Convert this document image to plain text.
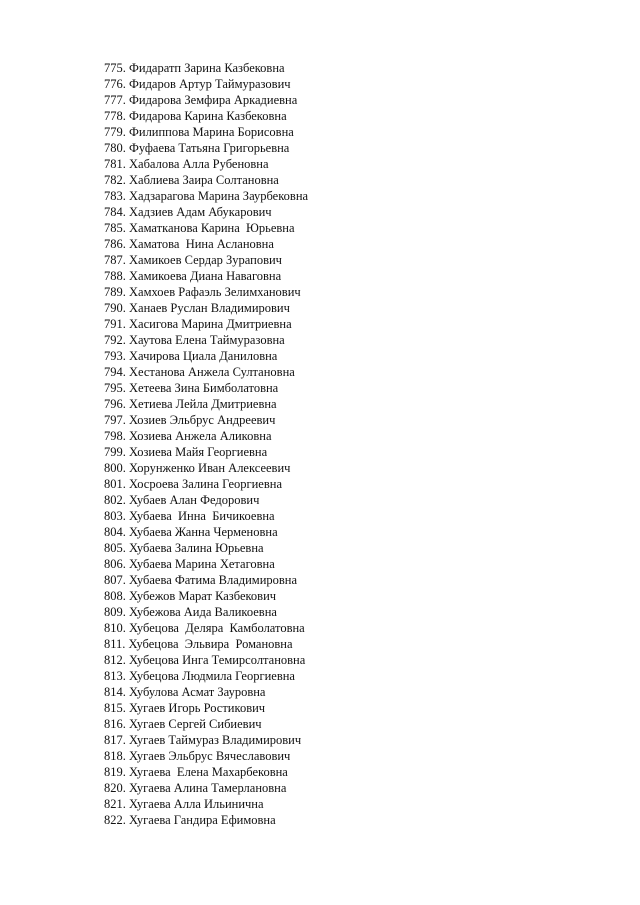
775. Фидаратп Зарина Казбековна
776. Фидаров Артур Таймуразович
777. Фидарова Земфира Аркадиевна
778. Фидарова Карина Казбековна
779. Филиппова Марина Борисовна
780. Фуфаева Татьяна Григорьевна
781. Хабалова Алла Рубеновна
782. Хаблиева Заира Солтановна
783. Хадзарагова Марина Заурбековна
784. Хадзиев Адам Абукарович
785. Хаматканова Карина  Юрьевна
786. Хаматова  Нина Аслановна
787. Хамикоев Сердар Зурапович
788. Хамикоева Диана Наваговна
789. Хамхоев Рафаэль Зелимханович
790. Ханаев Руслан Владимирович
791. Хасигова Марина Дмитриевна
792. Хаутова Елена Таймуразовна
793. Хачирова Циала Даниловна
794. Хестанова Анжела Султановна
795. Хетеева Зина Бимболатовна
796. Хетиева Лейла Дмитриевна
797. Хозиев Эльбрус Андреевич
798. Хозиева Анжела Аликовна
799. Хозиева Майя Георгиевна
800. Хорунженко Иван Алексеевич
801. Хосроева Залина Георгиевна
802. Хубаев Алан Федорович
803. Хубаева  Инна  Бичикоевна
804. Хубаева Жанна Черменовна
805. Хубаева Залина Юрьевна
806. Хубаева Марина Хетаговна
807. Хубаева Фатима Владимировна
808. Хубежов Марат Казбекович
809. Хубежова Аида Валикоевна
810. Хубецова  Деляра  Камболатовна
811. Хубецова  Эльвира  Романовна
812. Хубецова Инга Темирсолтановна
813. Хубецова Людмила Георгиевна
814. Хубулова Асмат Зауровна
815. Хугаев Игорь Ростикович
816. Хугаев Сергей Сибиевич
817. Хугаев Таймураз Владимирович
818. Хугаев Эльбрус Вячеславович
819. Хугаева  Елена Махарбековна
820. Хугаева Алина Тамерлановна
821. Хугаева Алла Ильинична
822. Хугаева Гандира Ефимовна
